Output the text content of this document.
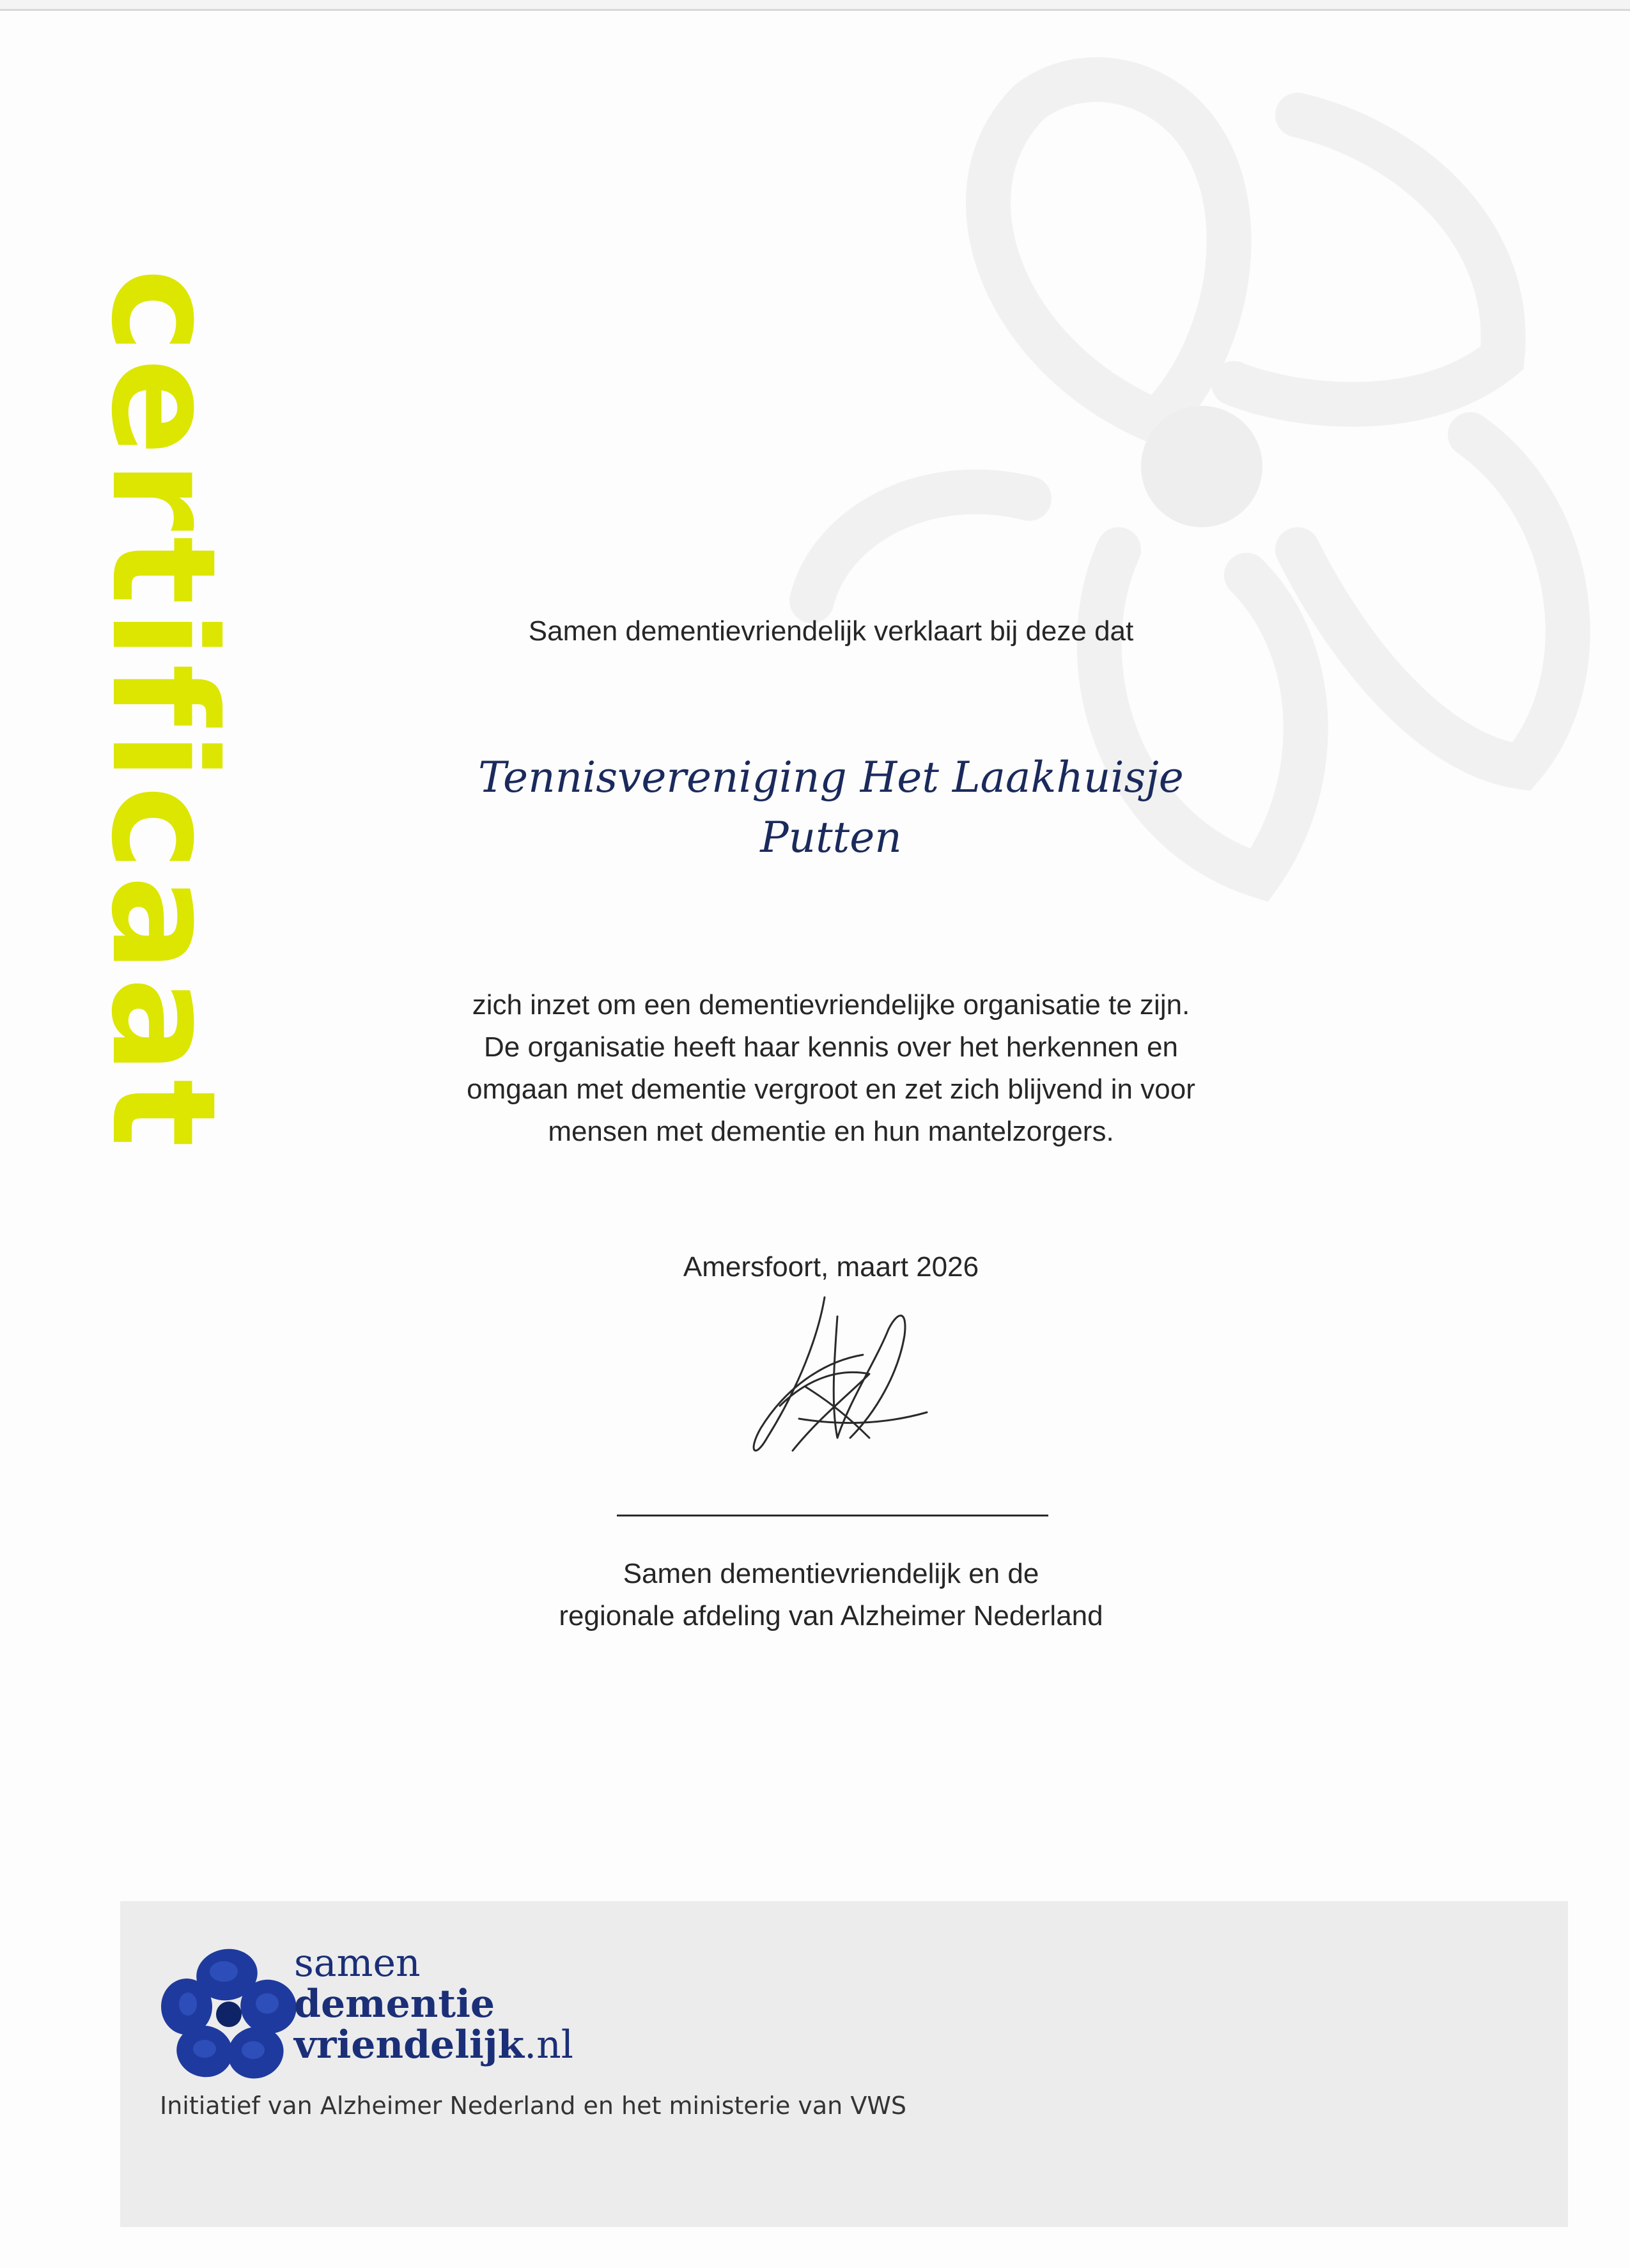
certificaat	Samen dementievriendelijk verklaart bij deze dat
Tennisvereniging Het Laakhuisje
Putten
zich inzet om een dementievriendelijke organisatie te zijn.
De organisatie heeft haar kennis over het herkennen en
omgaan met dementie vergroot en zet zich blijvend in voor
mensen met dementie en hun mantelzorgers.
Amersfoort, maart 2026
Samen dementievriendelijk en de
regionale afdeling van Alzheimer Nederland
samen
dementie
vriendelijk.nl
Initiatief van Alzheimer Nederland en het ministerie van VWS
